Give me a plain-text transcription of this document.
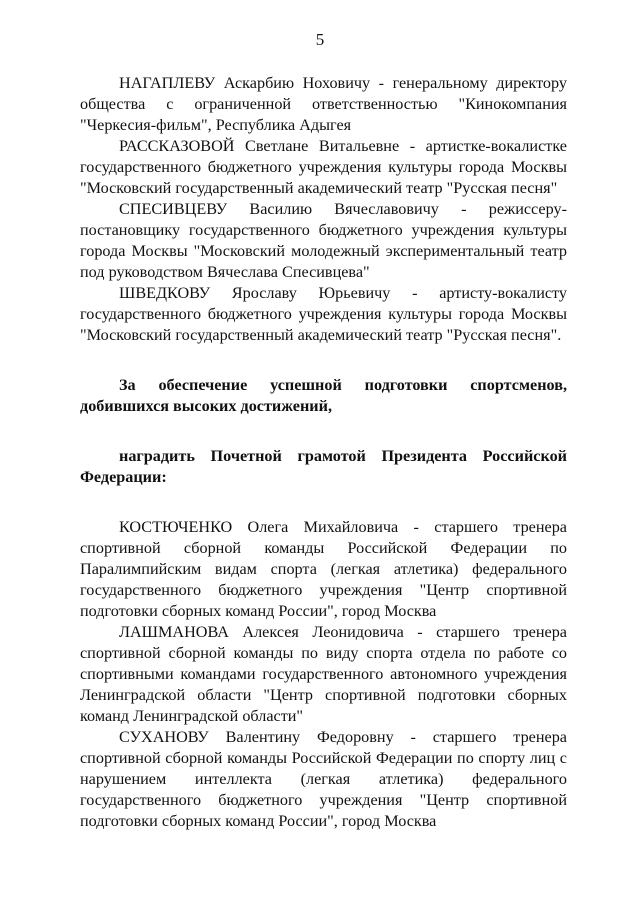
5

НАГАПЛЕВУ Аскарбию Ноховичу - генеральному директору общества с ограниченной ответственностью "Кинокомпания "Черкесия-фильм", Республика Адыгея

РАССКАЗОВОЙ Светлане Витальевне - артистке-вокалистке государственного бюджетного учреждения культуры города Москвы "Московский государственный академический театр "Русская песня"

СПЕСИВЦЕВУ Василию Вячеславовичу - режиссеру-постановщику государственного бюджетного учреждения культуры города Москвы "Московский молодежный экспериментальный театр под руководством Вячеслава Спесивцева"

ШВЕДКОВУ Ярославу Юрьевичу - артисту-вокалисту государственного бюджетного учреждения культуры города Москвы "Московский государственный академический театр "Русская песня".

За обеспечение успешной подготовки спортсменов, добившихся высоких достижений,

наградить Почетной грамотой Президента Российской Федерации:

КОСТЮЧЕНКО Олега Михайловича - старшего тренера спортивной сборной команды Российской Федерации по Паралимпийским видам спорта (легкая атлетика) федерального государственного бюджетного учреждения "Центр спортивной подготовки сборных команд России", город Москва

ЛАШМАНОВА Алексея Леонидовича - старшего тренера спортивной сборной команды по виду спорта отдела по работе со спортивными командами государственного автономного учреждения Ленинградской области "Центр спортивной подготовки сборных команд Ленинградской области"

СУХАНОВУ Валентину Федоровну - старшего тренера спортивной сборной команды Российской Федерации по спорту лиц с нарушением интеллекта (легкая атлетика) федерального государственного бюджетного учреждения "Центр спортивной подготовки сборных команд России", город Москва
